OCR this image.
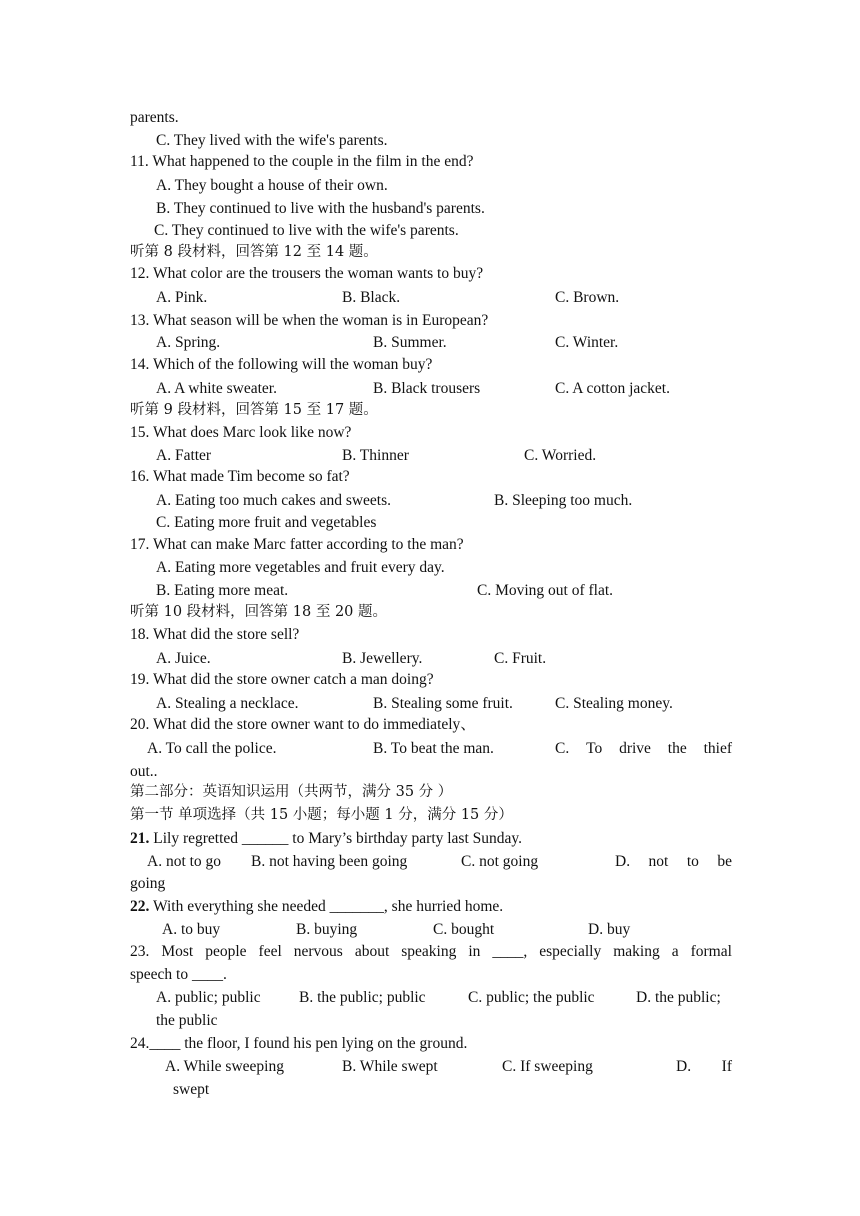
parents.
C. They lived with the wife's parents.
11. What happened to the couple in the film in the end?
A. They bought a house of their own.
B. They continued to live with the husband's parents.
C. They continued to live with the wife's parents.
听第 8 段材料，回答第 12 至 14 题。
12. What color are the trousers the woman wants to buy?
A. Pink.	B. Black.	C. Brown.
13. What season will be when the woman is in European?
A. Spring.	B. Summer.	C. Winter.
14. Which of the following will the woman buy?
A. A white sweater.	B. Black trousers	C. A cotton jacket.
听第 9 段材料，回答第 15 至 17 题。
15. What does Marc look like now?
A. Fatter	B. Thinner	C. Worried.
16. What made Tim become so fat?
A. Eating too much cakes and sweets.	B. Sleeping too much.
C. Eating more fruit and vegetables
17. What can make Marc fatter according to the man?
A. Eating more vegetables and fruit every day.
B. Eating more meat.	C. Moving out of flat.
听第 10 段材料，回答第 18 至 20 题。
18. What did the store sell?
A. Juice.	B. Jewellery.	C. Fruit.
19. What did the store owner catch a man doing?
A. Stealing a necklace.	B. Stealing some fruit.	C. Stealing money.
20. What did the store owner want to do immediately、
A. To call the police.	B. To beat the man.	C. To drive the thief
out..
第二部分：英语知识运用（共两节，满分 35 分 ）
第一节 单项选择（共 15 小题；每小题 1 分，满分 15 分）
21. Lily regretted ______ to Mary’s birthday party last Sunday.
A. not to go B. not having been going	C. not going	D. not to be
going
22. With everything she needed _______, she hurried home.
A. to buy	B. buying	C. bought	D. buy
23. Most people feel nervous about speaking in ____, especially making a formal
speech to ____.
A. public; public B. the public; public	C. public; the public	D. the public;
the public
24.____ the floor, I found his pen lying on the ground.
A. While sweeping	B. While swept	C. If sweeping	D. If
swept
